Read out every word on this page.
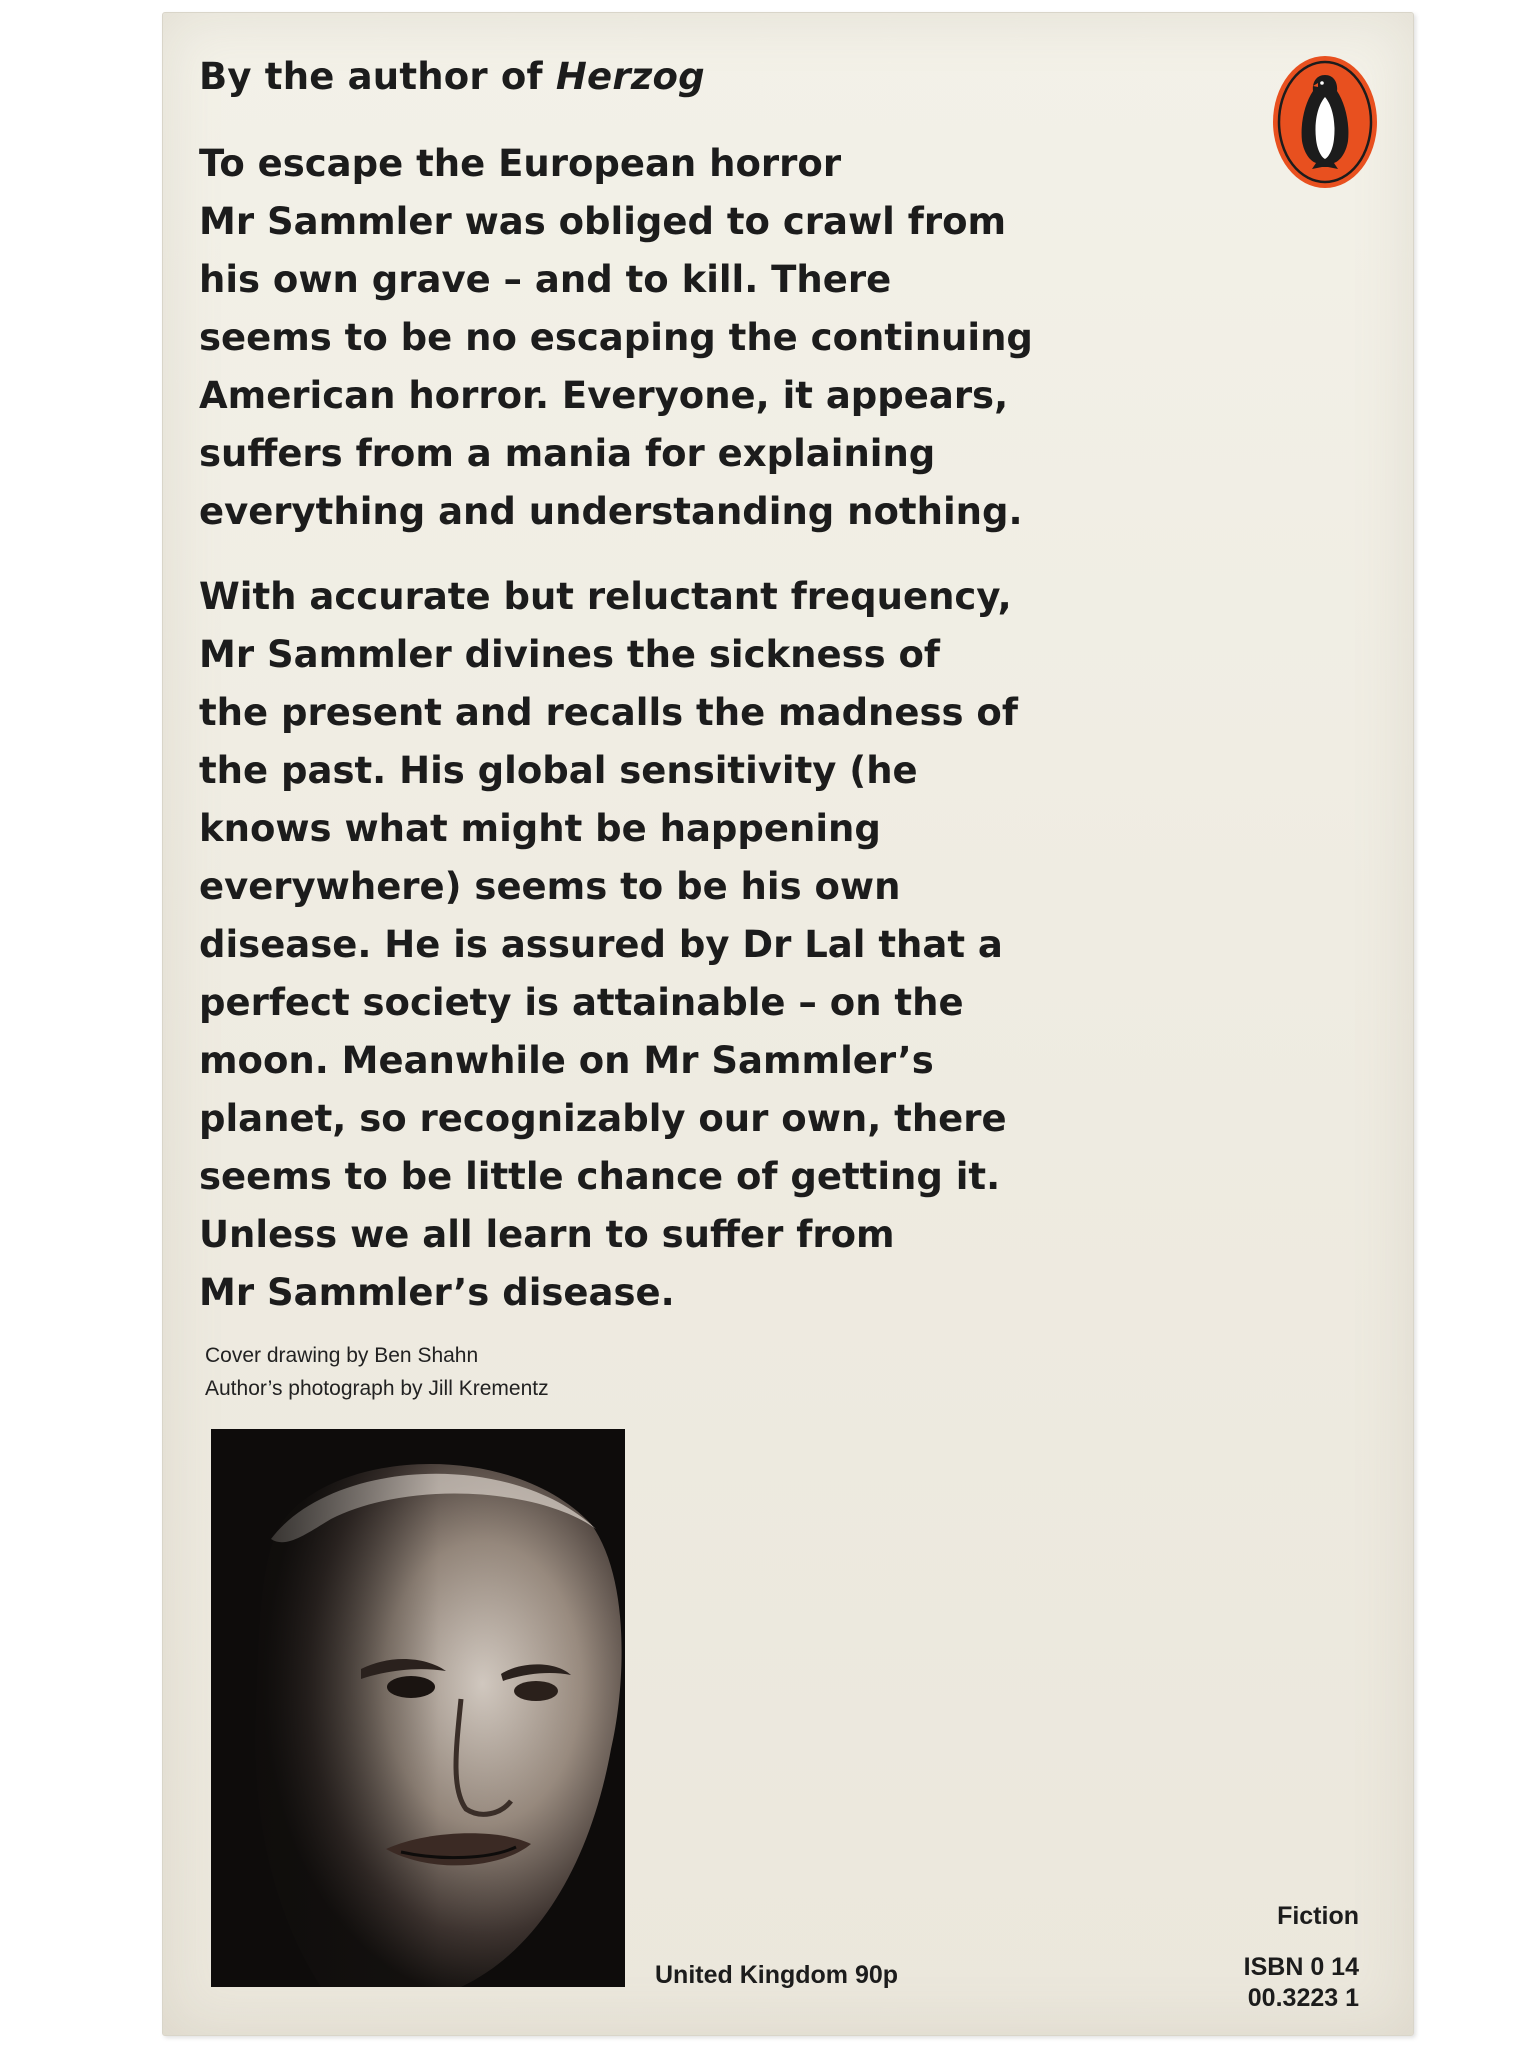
By the author of Herzog
To escape the European horror
Mr Sammler was obliged to crawl from
his own grave – and to kill. There
seems to be no escaping the continuing
American horror. Everyone, it appears,
suffers from a mania for explaining
everything and understanding nothing.
With accurate but reluctant frequency,
Mr Sammler divines the sickness of
the present and recalls the madness of
the past. His global sensitivity (he
knows what might be happening
everywhere) seems to be his own
disease. He is assured by Dr Lal that a
perfect society is attainable – on the
moon. Meanwhile on Mr Sammler’s
planet, so recognizably our own, there
seems to be little chance of getting it.
Unless we all learn to suffer from
Mr Sammler’s disease.
Cover drawing by Ben Shahn
Author’s photograph by Jill Krementz
United Kingdom 90p
Fiction
ISBN 0 14
00.3223 1
